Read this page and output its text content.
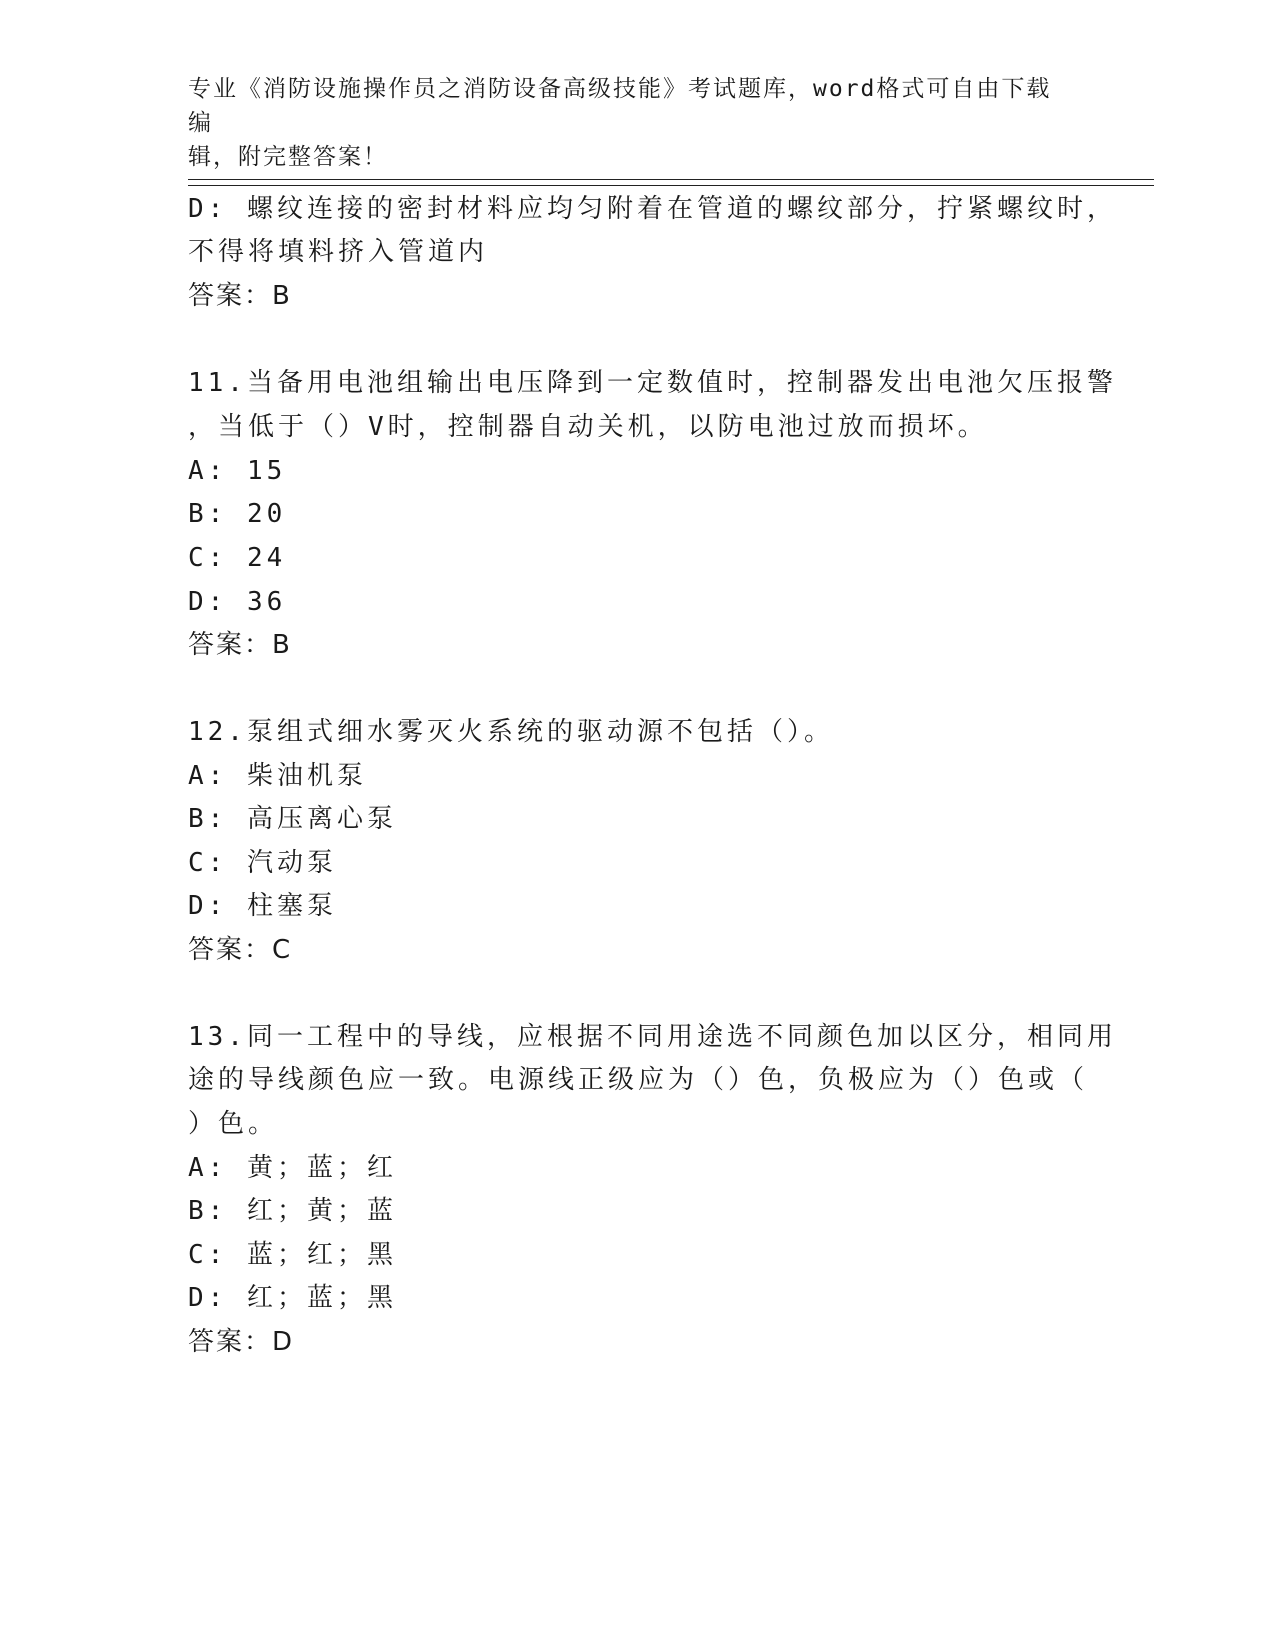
专业《消防设施操作员之消防设备高级技能》考试题库，word格式可自由下载编
辑，附完整答案！
D: 螺纹连接的密封材料应均匀附着在管道的螺纹部分，拧紧螺纹时，
不得将填料挤入管道内
答案：B
11.当备用电池组输出电压降到一定数值时，控制器发出电池欠压报警
，当低于（）V时，控制器自动关机，以防电池过放而损坏。
A: 15
B: 20
C: 24
D: 36
答案：B
12.泵组式细水雾灭火系统的驱动源不包括（）。
A: 柴油机泵
B: 高压离心泵
C: 汽动泵
D: 柱塞泵
答案：C
13.同一工程中的导线，应根据不同用途选不同颜色加以区分，相同用
途的导线颜色应一致。电源线正级应为（）色，负极应为（）色或（
）色。
A: 黄；蓝；红
B: 红；黄；蓝
C: 蓝；红；黑
D: 红；蓝；黑
答案：D
